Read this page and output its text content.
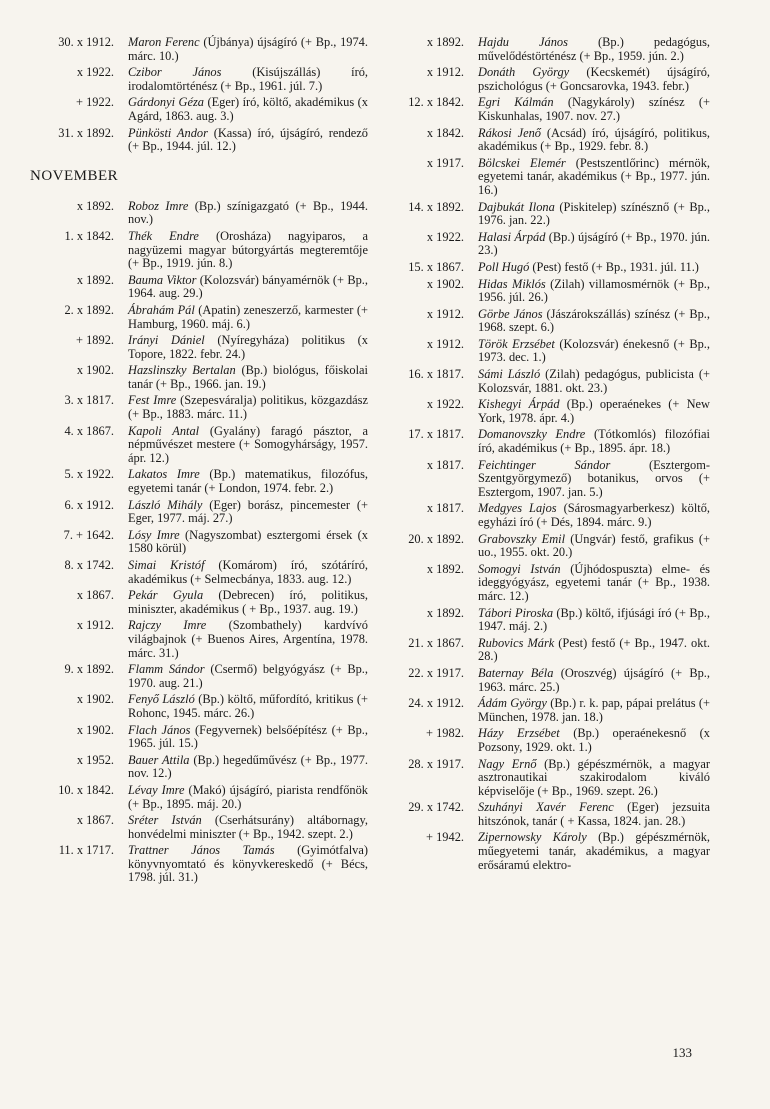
30. x 1912.	Maron Ferenc (Újbánya) újságíró (+ Bp., 1974. márc. 10.)
x 1922.	Czibor János (Kisújszállás) író, irodalomtörténész (+ Bp., 1961. júl. 7.)
+ 1922.	Gárdonyi Géza (Eger) író, költő, akadémikus (x Agárd, 1863. aug. 3.)
31. x 1892.	Pünkösti Andor (Kassa) író, újságíró, rendező (+ Bp., 1944. júl. 12.)
NOVEMBER
x 1892.	Roboz Imre (Bp.) színigazgató (+ Bp., 1944. nov.)
1. x 1842.	Thék Endre (Orosháza) nagyiparos, a nagyüzemi magyar bútorgyártás megteremtője (+ Bp., 1919. jún. 8.)
x 1892.	Bauma Viktor (Kolozsvár) bányamérnök (+ Bp., 1964. aug. 29.)
2. x 1892.	Ábrahám Pál (Apatin) zeneszerző, karmester (+ Hamburg, 1960. máj. 6.)
+ 1892.	Irányi Dániel (Nyíregyháza) politikus (x Topore, 1822. febr. 24.)
x 1902.	Hazslinszky Bertalan (Bp.) biológus, főiskolai tanár (+ Bp., 1966. jan. 19.)
3. x 1817.	Fest Imre (Szepesváralja) politikus, közgazdász (+ Bp., 1883. márc. 11.)
4. x 1867.	Kapoli Antal (Gyalány) faragó pásztor, a népművészet mestere (+ Somogyhárságy, 1957. ápr. 12.)
5. x 1922.	Lakatos Imre (Bp.) matematikus, filozófus, egyetemi tanár (+ London, 1974. febr. 2.)
6. x 1912.	László Mihály (Eger) borász, pincemester (+ Eger, 1977. máj. 27.)
7. + 1642.	Lósy Imre (Nagyszombat) esztergomi érsek (x 1580 körül)
8. x 1742.	Simai Kristóf (Komárom) író, szótáríró, akadémikus (+ Selmecbánya, 1833. aug. 12.)
x 1867.	Pekár Gyula (Debrecen) író, politikus, miniszter, akadémikus ( + Bp., 1937. aug. 19.)
x 1912.	Rajczy Imre (Szombathely) kardvívó világbajnok (+ Buenos Aires, Argentína, 1978. márc. 31.)
9. x 1892.	Flamm Sándor (Csermő) belgyógyász (+ Bp., 1970. aug. 21.)
x 1902.	Fenyő László (Bp.) költő, műfordító, kritikus (+ Rohonc, 1945. márc. 26.)
x 1902.	Flach János (Fegyvernek) belsőépítész (+ Bp., 1965. júl. 15.)
x 1952.	Bauer Attila (Bp.) hegedűművész (+ Bp., 1977. nov. 12.)
10. x 1842.	Lévay Imre (Makó) újságíró, piarista rendfőnök (+ Bp., 1895. máj. 20.)
x 1867.	Sréter István (Cserhátsurány) altábornagy, honvédelmi miniszter (+ Bp., 1942. szept. 2.)
11. x 1717.	Trattner János Tamás (Gyimótfalva) könyvnyomtató és könyvkereskedő (+ Bécs, 1798. júl. 31.)
x 1892.	Hajdu János (Bp.) pedagógus, művelődéstörténész (+ Bp., 1959. jún. 2.)
x 1912.	Donáth György (Kecskemét) újságíró, pszichológus (+ Goncsarovka, 1943. febr.)
12. x 1842.	Egri Kálmán (Nagykároly) színész (+ Kiskunhalas, 1907. nov. 27.)
x 1842.	Rákosi Jenő (Acsád) író, újságíró, politikus, akadémikus (+ Bp., 1929. febr. 8.)
x 1917.	Bölcskei Elemér (Pestszentlőrinc) mérnök, egyetemi tanár, akadémikus (+ Bp., 1977. jún. 16.)
14. x 1892.	Dajbukát Ilona (Piskitelep) színésznő (+ Bp., 1976. jan. 22.)
x 1922.	Halasi Árpád (Bp.) újságíró (+ Bp., 1970. jún. 23.)
15. x 1867.	Poll Hugó (Pest) festő (+ Bp., 1931. júl. 11.)
x 1902.	Hidas Miklós (Zilah) villamosmérnök (+ Bp., 1956. júl. 26.)
x 1912.	Görbe János (Jászárokszállás) színész (+ Bp., 1968. szept. 6.)
x 1912.	Török Erzsébet (Kolozsvár) énekesnő (+ Bp., 1973. dec. 1.)
16. x 1817.	Sámi László (Zilah) pedagógus, publicista (+ Kolozsvár, 1881. okt. 23.)
x 1922.	Kishegyi Árpád (Bp.) operaénekes (+ New York, 1978. ápr. 4.)
17. x 1817.	Domanovszky Endre (Tótkomlós) filozófiai író, akadémikus (+ Bp., 1895. ápr. 18.)
x 1817.	Feichtinger Sándor (Esztergom-Szentgyörgymező) botanikus, orvos (+ Esztergom, 1907. jan. 5.)
x 1817.	Medgyes Lajos (Sárosmagyarberkesz) költő, egyházi író (+ Dés, 1894. márc. 9.)
20. x 1892.	Grabovszky Emil (Ungvár) festő, grafikus (+ uo., 1955. okt. 20.)
x 1892.	Somogyi István (Újhódospuszta) elme- és ideggyógyász, egyetemi tanár (+ Bp., 1938. márc. 12.)
x 1892.	Tábori Piroska (Bp.) költő, ifjúsági író (+ Bp., 1947. máj. 2.)
21. x 1867.	Rubovics Márk (Pest) festő (+ Bp., 1947. okt. 28.)
22. x 1917.	Baternay Béla (Oroszvég) újságíró (+ Bp., 1963. márc. 25.)
24. x 1912.	Ádám György (Bp.) r. k. pap, pápai prelátus (+ München, 1978. jan. 18.)
+ 1982.	Házy Erzsébet (Bp.) operaénekesnő (x Pozsony, 1929. okt. 1.)
28. x 1917.	Nagy Ernő (Bp.) gépészmérnök, a magyar asztronautikai szakirodalom kiváló képviselője (+ Bp., 1969. szept. 26.)
29. x 1742.	Szuhányi Xavér Ferenc (Eger) jezsuita hitszónok, tanár ( + Kassa, 1824. jan. 28.)
+ 1942.	Zipernowsky Károly (Bp.) gépészmérnök, műegyetemi tanár, akadémikus, a magyar erősáramú elektro-
133
